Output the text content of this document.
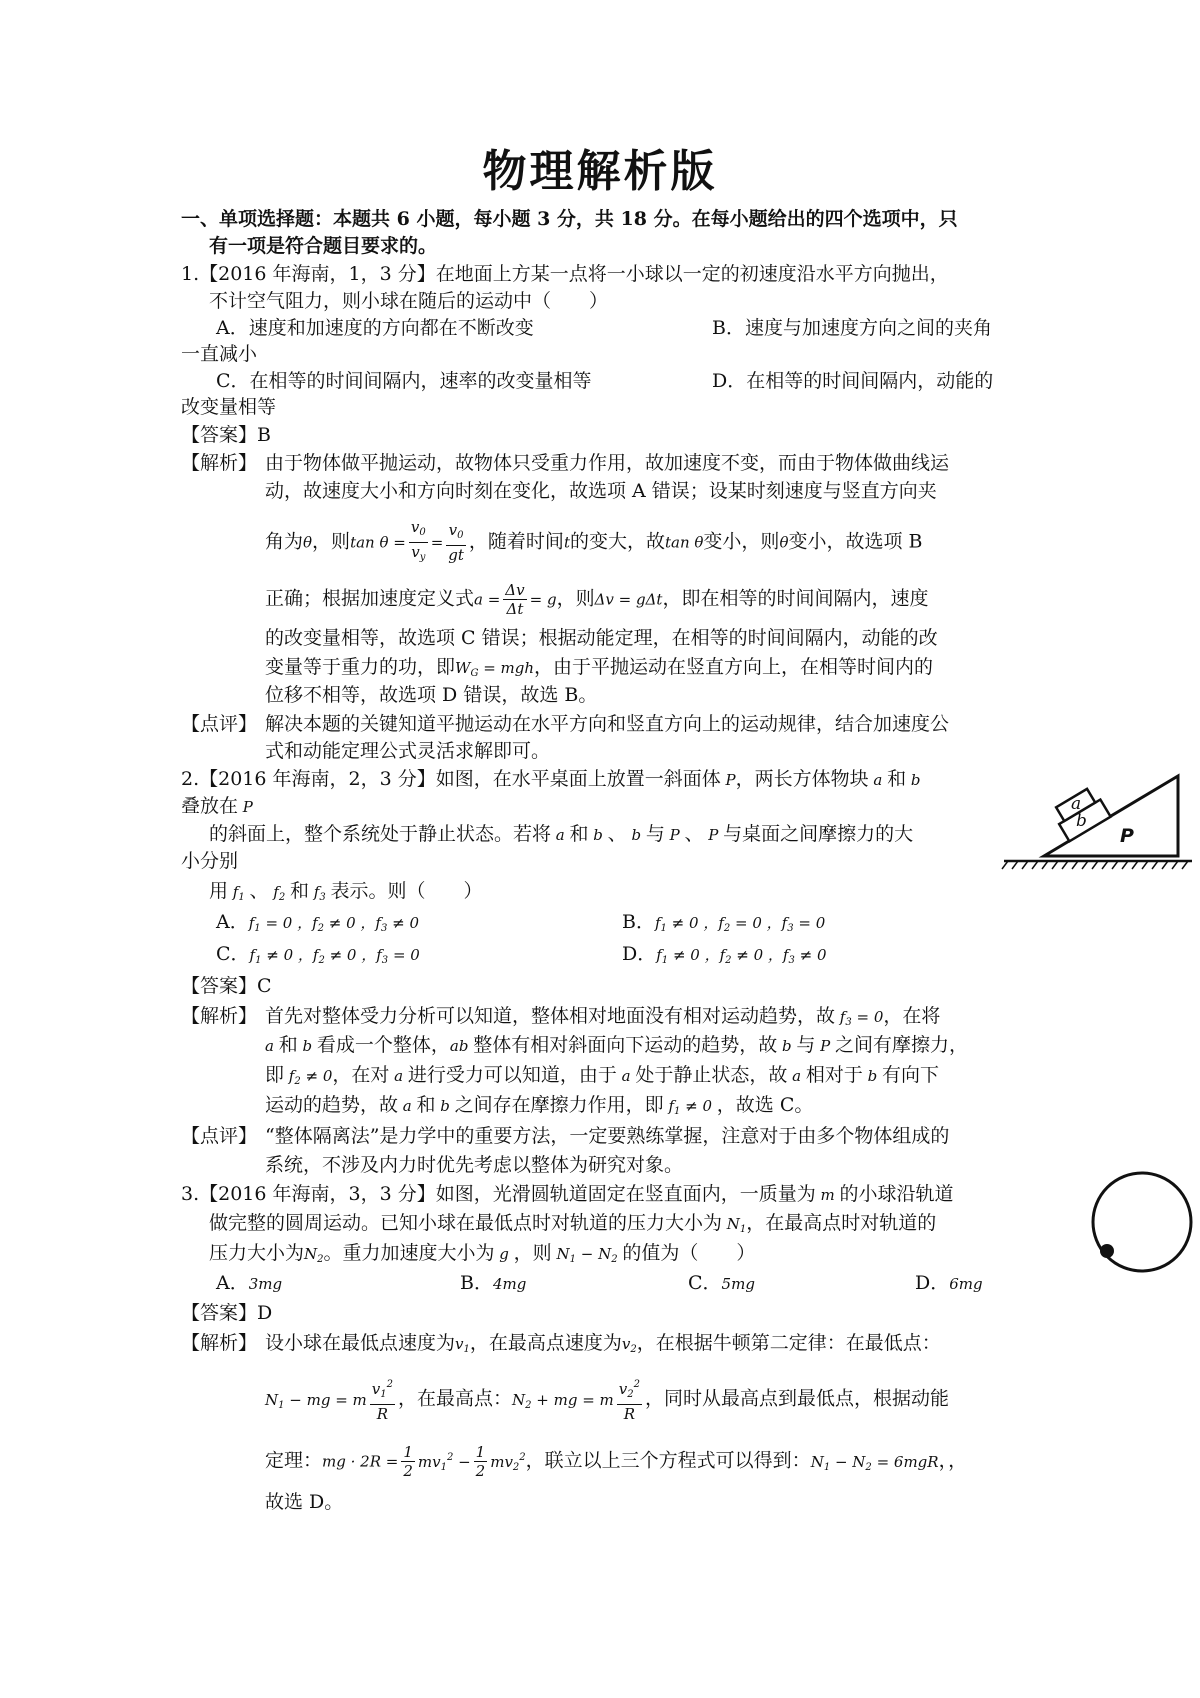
物理解析版
一、单项选择题：本题共 6 小题，每小题 3 分，共 18 分。在每小题给出的四个选项中，只
有一项是符合题目要求的。
1.【2016 年海南，1，3 分】在地面上方某一点将一小球以一定的初速度沿水平方向抛出，
不计空气阻力，则小球在随后的运动中（　　）
A．速度和加速度的方向都在不断改变	B．速度与加速度方向之间的夹角
一直减小
C．在相等的时间间隔内，速率的改变量相等	D．在相等的时间间隔内，动能的
改变量相等
【答案】B
【解析】 由于物体做平抛运动，故物体只受重力作用，故加速度不变，而由于物体做曲线运
动，故速度大小和方向时刻在变化，故选项 A 错误；设某时刻速度与竖直方向夹
角为θ，则$\tan \theta = \frac{v_0}{v_y} = \frac{v_0}{gt}$ ，随着时间t的变大，故tan θ变小，则θ变小，故选项 B
正确；根据加速度定义式$a = \frac{\Delta v}{\Delta t} = g$，则Δv = gΔt，即在相等的时间间隔内，速度
的改变量相等，故选项 C 错误；根据动能定理，在相等的时间间隔内，动能的改
变量等于重力的功，即$W_G$ = mgh，由于平抛运动在竖直方向上，在相等时间内的
位移不相等，故选项 D 错误，故选 B。
【点评】 解决本题的关键知道平抛运动在水平方向和竖直方向上的运动规律，结合加速度公
式和动能定理公式灵活求解即可。
2.【2016 年海南，2，3 分】如图，在水平桌面上放置一斜面体 P，两长方体物块 a 和 b
叠放在 P
的斜面上，整个系统处于静止状态。若将 a 和 b 、 b 与 P 、 P 与桌面之间摩擦力的大
小分别
用 $f_1$ 、 $f_2$ 和 $f_3$ 表示。则（　　）
A．$f_1 = 0$ ，$f_2 \ne 0$ ，$f_3 \ne 0$	B．$f_1 \ne 0$ ，$f_2 = 0$ ，$f_3 = 0$
C．$f_1 \ne 0$ ，$f_2 \ne 0$ ，$f_3 = 0$	D．$f_1 \ne 0$ ，$f_2 \ne 0$ ，$f_3 \ne 0$
【答案】C
【解析】 首先对整体受力分析可以知道，整体相对地面没有相对运动趋势，故 $f_3 = 0$，在将
a 和 b 看成一个整体，ab 整体有相对斜面向下运动的趋势，故 b 与 P 之间有摩擦力，
即 $f_2 \ne 0$，在对 a 进行受力可以知道，由于 a 处于静止状态，故 a 相对于 b 有向下
运动的趋势，故 a 和 b 之间存在摩擦力作用，即 $f_1 \ne 0$ ，故选 C。
【点评】 “整体隔离法”是力学中的重要方法，一定要熟练掌握，注意对于由多个物体组成的
系统，不涉及内力时优先考虑以整体为研究对象。
b
a
P
3.【2016 年海南，3，3 分】如图，光滑圆轨道固定在竖直面内，一质量为 m 的小球沿轨道
做完整的圆周运动。已知小球在最低点时对轨道的压力大小为 $N_1$，在最高点时对轨道的
压力大小为$N_2$。重力加速度大小为 g ，则 $N_1 - N_2$ 的值为（　　）
A．3mg	B．4mg	C．5mg	D．6mg
【答案】D
【解析】 设小球在最低点速度为$v_1$，在最高点速度为$v_2$，在根据牛顿第二定律：在最低点：
$N_1$ − mg = m $\frac{v_1^2}{R}$ ，在最高点：$N_2$ + mg = m $\frac{v_2^2}{R}$ ，同时从最高点到最低点，根据动能
定理：mg · $2R = \frac{1}{2} mv_1^2 - \frac{1}{2} mv_2^2$，联立以上三个方程式可以得到：$N_1 - N_2 = 6mgR$，，
故选 D。
